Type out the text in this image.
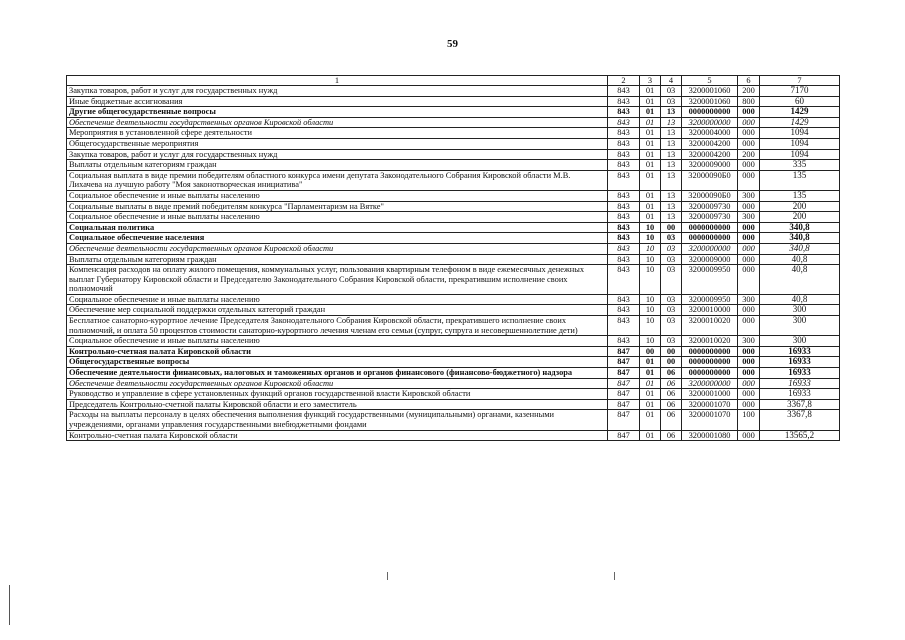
59
1	2	3	4	5	6	7
Закупка товаров, работ и услуг для государственных нужд	843	01	03	3200001060	200	7170
Иные бюджетные ассигнования	843	01	03	3200001060	800	60
Другие общегосударственные вопросы	843	01	13	0000000000	000	1429
Обеспечение деятельности государственных органов Кировской области	843	01	13	3200000000	000	1429
Мероприятия в установленной сфере деятельности	843	01	13	3200004000	000	1094
Общегосударственные мероприятия	843	01	13	3200004200	000	1094
Закупка товаров, работ и услуг для государственных нужд	843	01	13	3200004200	200	1094
Выплаты отдельным категориям граждан	843	01	13	3200009000	000	335
Социальная выплата в виде премии победителям областного конкурса имени депутата Законодательного Собрания Кировской области М.В. Лихачева на лучшую работу "Моя законотворческая инициатива"	843	01	13	32000090Б0	000	135
Социальное обеспечение и иные выплаты населению	843	01	13	32000090Б0	300	135
Социальные выплаты в виде премий победителям конкурса "Парламентаризм на Вятке"	843	01	13	3200009730	000	200
Социальное обеспечение и иные выплаты населению	843	01	13	3200009730	300	200
Социальная политика	843	10	00	0000000000	000	340,8
Социальное обеспечение населения	843	10	03	0000000000	000	340,8
Обеспечение деятельности государственных органов Кировской области	843	10	03	3200000000	000	340,8
Выплаты отдельным категориям граждан	843	10	03	3200009000	000	40,8
Компенсация расходов на оплату жилого помещения, коммунальных услуг, пользования квартирным телефоном в виде ежемесячных денежных выплат Губернатору Кировской области и Председателю Законодательного Собрания Кировской области, прекратившим исполнение своих полномочий	843	10	03	3200009950	000	40,8
Социальное обеспечение и иные выплаты населению	843	10	03	3200009950	300	40,8
Обеспечение мер социальной поддержки отдельных категорий граждан	843	10	03	3200010000	000	300
Бесплатное санаторно-курортное лечение Председателя Законодательного Собрания Кировской области, прекратившего исполнение своих полномочий, и оплата 50 процентов стоимости санаторно-курортного лечения членам его семьи (супруг, супруга и несовершеннолетние дети)	843	10	03	3200010020	000	300
Социальное обеспечение и иные выплаты населению	843	10	03	3200010020	300	300
Контрольно-счетная палата Кировской области	847	00	00	0000000000	000	16933
Общегосударственные вопросы	847	01	00	0000000000	000	16933
Обеспечение деятельности финансовых, налоговых и таможенных органов и органов финансового (финансово-бюджетного) надзора	847	01	06	0000000000	000	16933
Обеспечение деятельности государственных органов Кировской области	847	01	06	3200000000	000	16933
Руководство и управление в сфере установленных функций органов государственной власти Кировской области	847	01	06	3200001000	000	16933
Председатель Контрольно-счетной палаты Кировской области и его заместитель	847	01	06	3200001070	000	3367,8
Расходы на выплаты персоналу в целях обеспечения выполнения функций государственными (муниципальными) органами, казенными учреждениями, органами управления государственными внебюджетными фондами	847	01	06	3200001070	100	3367,8
Контрольно-счетная палата Кировской области	847	01	06	3200001080	000	13565,2
